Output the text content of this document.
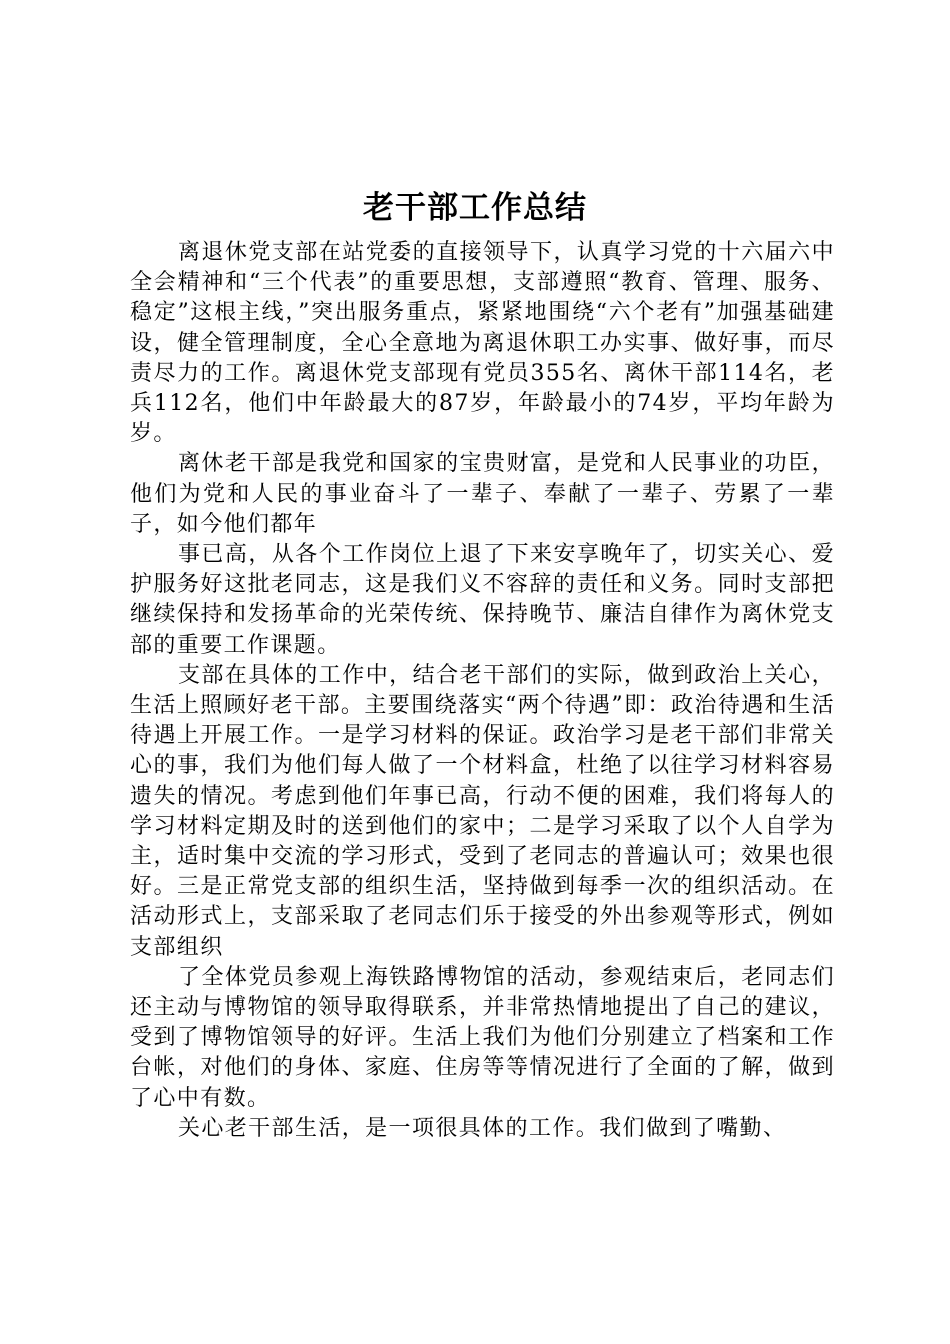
老干部工作总结

离退休党支部在站党委的直接领导下，认真学习党的十六届六中全会精神和“三个代表”的重要思想，支部遵照“教育、管理、服务、稳定”这根主线，”突出服务重点，紧紧地围绕“六个老有”加强基础建设，健全管理制度，全心全意地为离退休职工办实事、做好事，而尽责尽力的工作。离退休党支部现有党员355名、离休干部114名，老兵112名，他们中年龄最大的87岁，年龄最小的74岁，平均年龄为岁。

离休老干部是我党和国家的宝贵财富，是党和人民事业的功臣，他们为党和人民的事业奋斗了一辈子、奉献了一辈子、劳累了一辈子，如今他们都年

事已高，从各个工作岗位上退了下来安享晚年了，切实关心、爱护服务好这批老同志，这是我们义不容辞的责任和义务。同时支部把继续保持和发扬革命的光荣传统、保持晚节、廉洁自律作为离休党支部的重要工作课题。

支部在具体的工作中，结合老干部们的实际，做到政治上关心，生活上照顾好老干部。主要围绕落实“两个待遇”即：政治待遇和生活待遇上开展工作。一是学习材料的保证。政治学习是老干部们非常关心的事，我们为他们每人做了一个材料盒，杜绝了以往学习材料容易遗失的情况。考虑到他们年事已高，行动不便的困难，我们将每人的学习材料定期及时的送到他们的家中；二是学习采取了以个人自学为主，适时集中交流的学习形式，受到了老同志的普遍认可；效果也很好。三是正常党支部的组织生活，坚持做到每季一次的组织活动。在活动形式上，支部采取了老同志们乐于接受的外出参观等形式，例如支部组织

了全体党员参观上海铁路博物馆的活动，参观结束后，老同志们还主动与博物馆的领导取得联系，并非常热情地提出了自己的建议，受到了博物馆领导的好评。生活上我们为他们分别建立了档案和工作台帐，对他们的身体、家庭、住房等等情况进行了全面的了解，做到了心中有数。

关心老干部生活，是一项很具体的工作。我们做到了嘴勤、
